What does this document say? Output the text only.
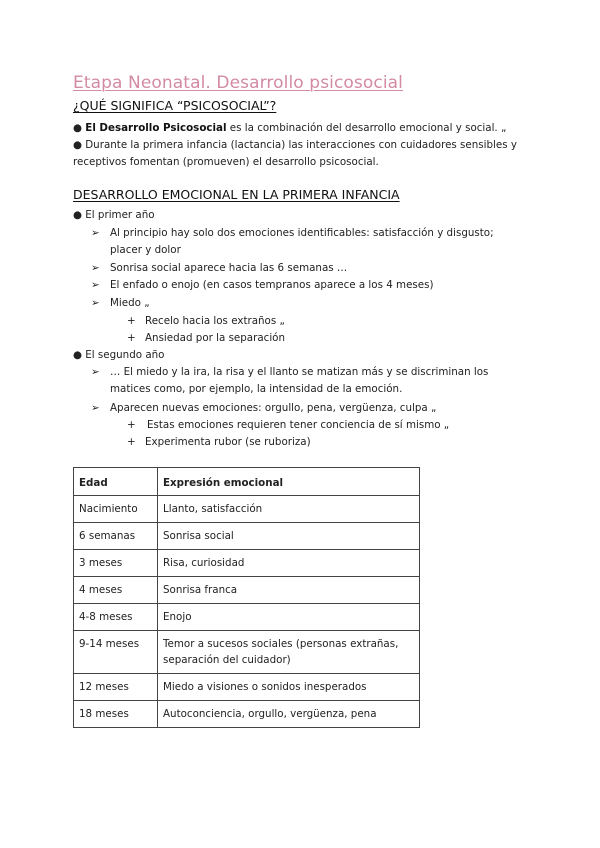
Etapa Neonatal. Desarrollo psicosocial
¿QUÉ SIGNIFICA “PSICOSOCIAL”?
● El Desarrollo Psicosocial es la combinación del desarrollo emocional y social. „
● Durante la primera infancia (lactancia) las interacciones con cuidadores sensibles y receptivos fomentan (promueven) el desarrollo psicosocial.
DESARROLLO EMOCIONAL EN LA PRIMERA INFANCIA
● El primer año
➢ Al principio hay solo dos emociones identificables: satisfacción y disgusto; placer y dolor
➢ Sonrisa social aparece hacia las 6 semanas …
➢ El enfado o enojo (en casos tempranos aparece a los 4 meses)
➢ Miedo „
+ Recelo hacia los extraños „
+ Ansiedad por la separación
● El segundo año
➢ … El miedo y la ira, la risa y el llanto se matizan más y se discriminan los matices como, por ejemplo, la intensidad de la emoción.
➢ Aparecen nuevas emociones: orgullo, pena, vergüenza, culpa „
+ Estas emociones requieren tener conciencia de sí mismo „
+ Experimenta rubor (se ruboriza)
Edad	Expresión emocional
Nacimiento	Llanto, satisfacción
6 semanas	Sonrisa social
3 meses	Risa, curiosidad
4 meses	Sonrisa franca
4-8 meses	Enojo
9-14 meses	Temor a sucesos sociales (personas extrañas, separación del cuidador)
12 meses	Miedo a visiones o sonidos inesperados
18 meses	Autoconciencia, orgullo, vergüenza, pena
